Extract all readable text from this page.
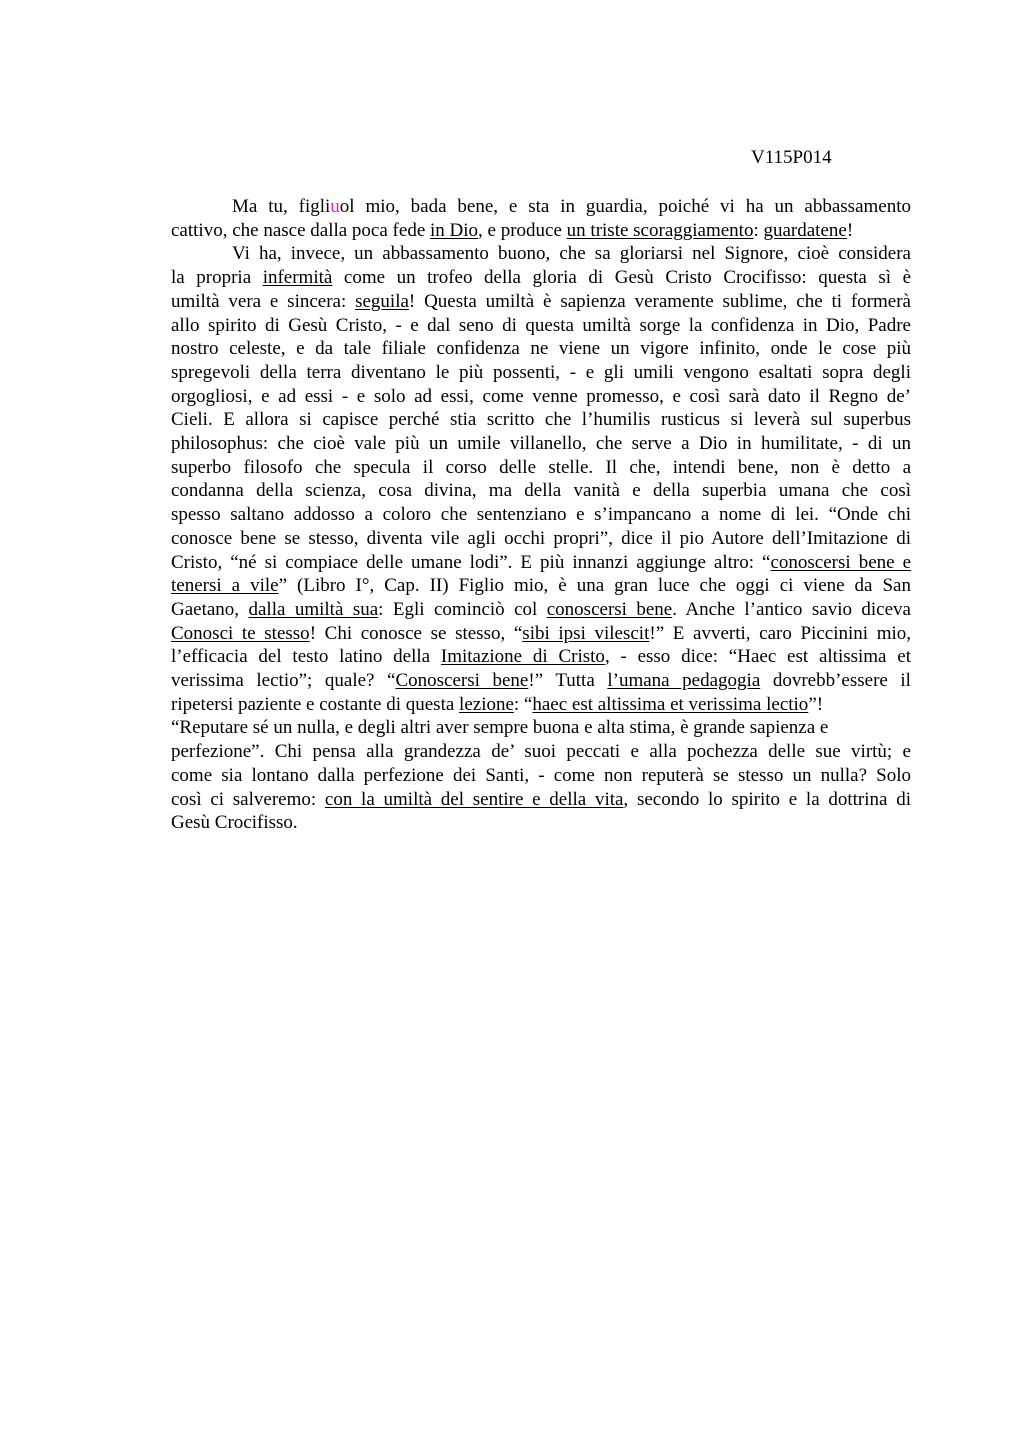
V115P014
Ma tu, figliuol mio, bada bene, e sta in guardia, poiché vi ha un abbassamento
cattivo, che nasce dalla poca fede in Dio, e produce un triste scoraggiamento: guardatene!
Vi ha, invece, un abbassamento buono, che sa gloriarsi nel Signore, cioè considera
la propria infermità come un trofeo della gloria di Gesù Cristo Crocifisso: questa sì è
umiltà vera e sincera: seguila! Questa umiltà è sapienza veramente sublime, che ti formerà
allo spirito di Gesù Cristo, - e dal seno di questa umiltà sorge la confidenza in Dio, Padre
nostro celeste, e da tale filiale confidenza ne viene un vigore infinito, onde le cose più
spregevoli della terra diventano le più possenti, - e gli umili vengono esaltati sopra degli
orgogliosi, e ad essi - e solo ad essi, come venne promesso, e così sarà dato il Regno de’
Cieli. E allora si capisce perché stia scritto che l’humilis rusticus si leverà sul superbus
philosophus: che cioè vale più un umile villanello, che serve a Dio in humilitate, - di un
superbo filosofo che specula il corso delle stelle. Il che, intendi bene, non è detto a
condanna della scienza, cosa divina, ma della vanità e della superbia umana che così
spesso saltano addosso a coloro che sentenziano e s’impancano a nome di lei. “Onde chi
conosce bene se stesso, diventa vile agli occhi propri”, dice il pio Autore dell’Imitazione di
Cristo, “né si compiace delle umane lodi”. E più innanzi aggiunge altro: “conoscersi bene e
tenersi a vile” (Libro I°, Cap. II) Figlio mio, è una gran luce che oggi ci viene da San
Gaetano, dalla umiltà sua: Egli cominciò col conoscersi bene. Anche l’antico savio diceva
Conosci te stesso! Chi conosce se stesso, “sibi ipsi vilescit!” E avverti, caro Piccinini mio,
l’efficacia del testo latino della Imitazione di Cristo, - esso dice: “Haec est altissima et
verissima lectio”; quale? “Conoscersi bene!” Tutta l’umana pedagogia dovrebb’essere il
ripetersi paziente e costante di questa lezione: “haec est altissima et verissima lectio”!
“Reputare sé un nulla, e degli altri aver sempre buona e alta stima, è grande sapienza e
perfezione”. Chi pensa alla grandezza de’ suoi peccati e alla pochezza delle sue virtù; e
come sia lontano dalla perfezione dei Santi, - come non reputerà se stesso un nulla? Solo
così ci salveremo: con la umiltà del sentire e della vita, secondo lo spirito e la dottrina di
Gesù Crocifisso.
